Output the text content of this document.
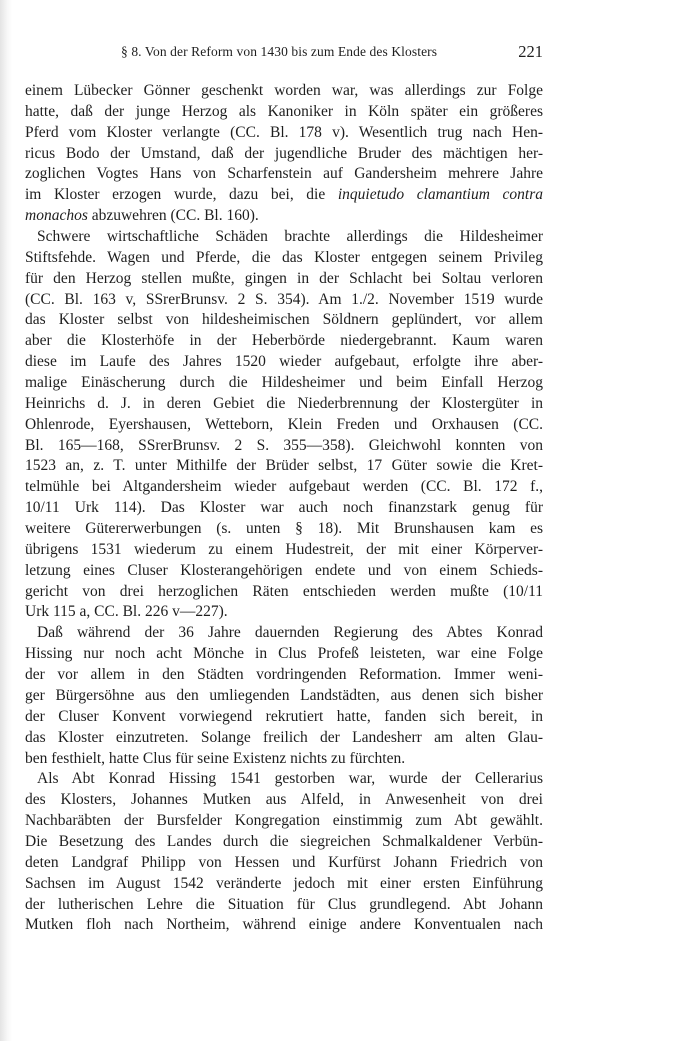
§ 8. Von der Reform von 1430 bis zum Ende des Klosters	221
einem Lübecker Gönner geschenkt worden war, was allerdings zur Folge
hatte, daß der junge Herzog als Kanoniker in Köln später ein größeres
Pferd vom Kloster verlangte (CC. Bl. 178 v). Wesentlich trug nach Hen-
ricus Bodo der Umstand, daß der jugendliche Bruder des mächtigen her-
zoglichen Vogtes Hans von Scharfenstein auf Gandersheim mehrere Jahre
im Kloster erzogen wurde, dazu bei, die inquietudo clamantium contra
monachos abzuwehren (CC. Bl. 160).
Schwere wirtschaftliche Schäden brachte allerdings die Hildesheimer
Stiftsfehde. Wagen und Pferde, die das Kloster entgegen seinem Privileg
für den Herzog stellen mußte, gingen in der Schlacht bei Soltau verloren
(CC. Bl. 163 v, SSrerBrunsv. 2 S. 354). Am 1./2. November 1519 wurde
das Kloster selbst von hildesheimischen Söldnern geplündert, vor allem
aber die Klosterhöfe in der Heberbörde niedergebrannt. Kaum waren
diese im Laufe des Jahres 1520 wieder aufgebaut, erfolgte ihre aber-
malige Einäscherung durch die Hildesheimer und beim Einfall Herzog
Heinrichs d. J. in deren Gebiet die Niederbrennung der Klostergüter in
Ohlenrode, Eyershausen, Wetteborn, Klein Freden und Orxhausen (CC.
Bl. 165—168, SSrerBrunsv. 2 S. 355—358). Gleichwohl konnten von
1523 an, z. T. unter Mithilfe der Brüder selbst, 17 Güter sowie die Kret-
telmühle bei Altgandersheim wieder aufgebaut werden (CC. Bl. 172 f.,
10/11 Urk 114). Das Kloster war auch noch finanzstark genug für
weitere Gütererwerbungen (s. unten § 18). Mit Brunshausen kam es
übrigens 1531 wiederum zu einem Hudestreit, der mit einer Körperver-
letzung eines Cluser Klosterangehörigen endete und von einem Schieds-
gericht von drei herzoglichen Räten entschieden werden mußte (10/11
Urk 115 a, CC. Bl. 226 v—227).
Daß während der 36 Jahre dauernden Regierung des Abtes Konrad
Hissing nur noch acht Mönche in Clus Profeß leisteten, war eine Folge
der vor allem in den Städten vordringenden Reformation. Immer weni-
ger Bürgersöhne aus den umliegenden Landstädten, aus denen sich bisher
der Cluser Konvent vorwiegend rekrutiert hatte, fanden sich bereit, in
das Kloster einzutreten. Solange freilich der Landesherr am alten Glau-
ben festhielt, hatte Clus für seine Existenz nichts zu fürchten.
Als Abt Konrad Hissing 1541 gestorben war, wurde der Cellerarius
des Klosters, Johannes Mutken aus Alfeld, in Anwesenheit von drei
Nachbaräbten der Bursfelder Kongregation einstimmig zum Abt gewählt.
Die Besetzung des Landes durch die siegreichen Schmalkaldener Verbün-
deten Landgraf Philipp von Hessen und Kurfürst Johann Friedrich von
Sachsen im August 1542 veränderte jedoch mit einer ersten Einführung
der lutherischen Lehre die Situation für Clus grundlegend. Abt Johann
Mutken floh nach Northeim, während einige andere Konventualen nach
